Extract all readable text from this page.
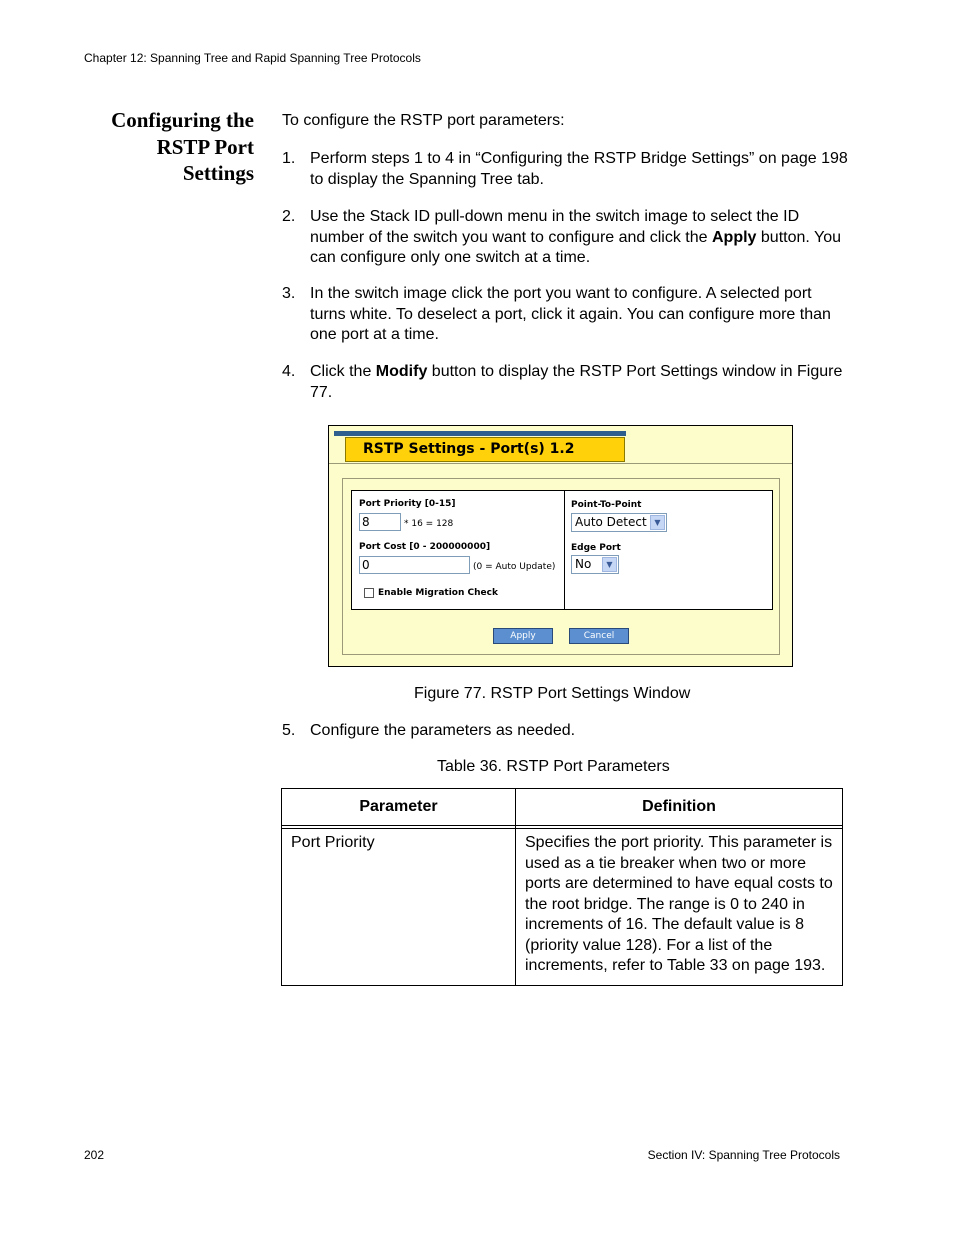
Chapter 12: Spanning Tree and Rapid Spanning Tree Protocols
Configuring the
RSTP Port
Settings
To configure the RSTP port parameters:
1. Perform steps 1 to 4 in “Configuring the RSTP Bridge Settings” on page 198 to display the Spanning Tree tab.
2. Use the Stack ID pull-down menu in the switch image to select the ID number of the switch you want to configure and click the Apply button. You can configure only one switch at a time.
3. In the switch image click the port you want to configure. A selected port turns white. To deselect a port, click it again. You can configure more than one port at a time.
4. Click the Modify button to display the RSTP Port Settings window in Figure 77.
RSTP Settings - Port(s) 1.2
Port Priority [0-15]
8	* 16 = 128
Port Cost [0 - 200000000]
0	(0 = Auto Update)
Enable Migration Check
Point-To-Point
Auto Detect ▼
Edge Port
No	▼
Apply	Cancel
Figure 77. RSTP Port Settings Window
5. Configure the parameters as needed.
Table 36. RSTP Port Parameters
Parameter	Definition

Port Priority	Specifies the port priority. This parameter is used as a tie breaker when two or more ports are determined to have equal costs to the root bridge. The range is 0 to 240 in increments of 16. The default value is 8 (priority value 128). For a list of the increments, refer to Table 33 on page 193.
202	Section IV: Spanning Tree Protocols
